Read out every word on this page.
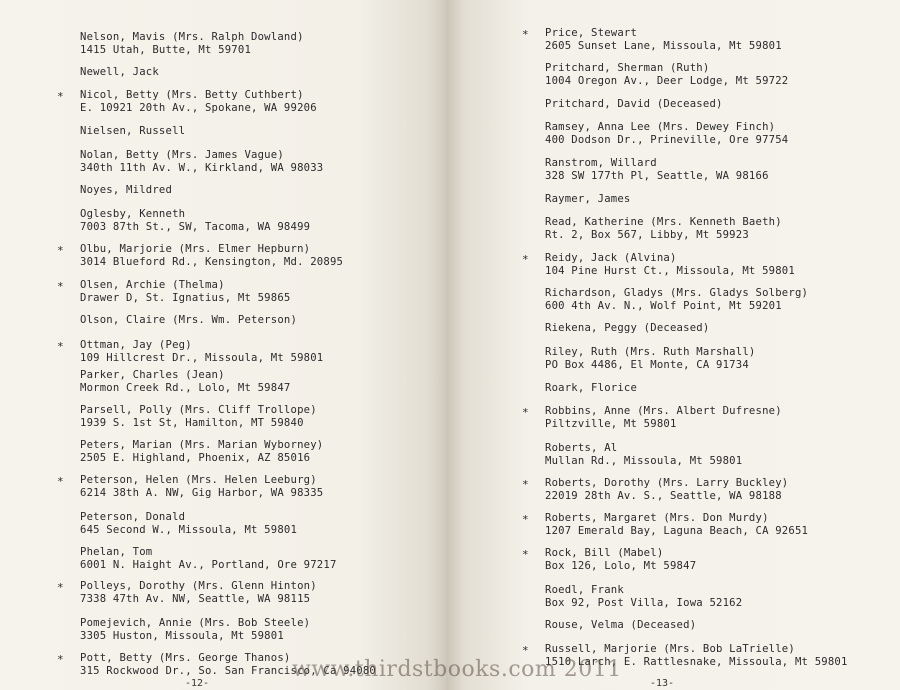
Nelson, Mavis (Mrs. Ralph Dowland)
1415 Utah, Butte, Mt 59701
Newell, Jack
* Nicol, Betty (Mrs. Betty Cuthbert)
E. 10921 20th Av., Spokane, WA 99206
Nielsen, Russell
Nolan, Betty (Mrs. James Vague)
340th 11th Av. W., Kirkland, WA 98033
Noyes, Mildred
Oglesby, Kenneth
7003 87th St., SW, Tacoma, WA 98499
* Olbu, Marjorie (Mrs. Elmer Hepburn)
3014 Blueford Rd., Kensington, Md. 20895
* Olsen, Archie (Thelma)
Drawer D, St. Ignatius, Mt 59865
Olson, Claire (Mrs. Wm. Peterson)
* Ottman, Jay (Peg)
109 Hillcrest Dr., Missoula, Mt 59801
Parker, Charles (Jean)
Mormon Creek Rd., Lolo, Mt 59847
Parsell, Polly (Mrs. Cliff Trollope)
1939 S. 1st St, Hamilton, MT 59840
Peters, Marian (Mrs. Marian Wyborney)
2505 E. Highland, Phoenix, AZ 85016
* Peterson, Helen (Mrs. Helen Leeburg)
6214 38th A. NW, Gig Harbor, WA 98335
Peterson, Donald
645 Second W., Missoula, Mt 59801
Phelan, Tom
6001 N. Haight Av., Portland, Ore 97217
* Polleys, Dorothy (Mrs. Glenn Hinton)
7338 47th Av. NW, Seattle, WA 98115
Pomejevich, Annie (Mrs. Bob Steele)
3305 Huston, Missoula, Mt 59801
* Pott, Betty (Mrs. George Thanos)
315 Rockwood Dr., So. San Francisco, Ca 94080
-12-
* Price, Stewart
2605 Sunset Lane, Missoula, Mt 59801
Pritchard, Sherman (Ruth)
1004 Oregon Av., Deer Lodge, Mt 59722
Pritchard, David (Deceased)
Ramsey, Anna Lee (Mrs. Dewey Finch)
400 Dodson Dr., Prineville, Ore 97754
Ranstrom, Willard
328 SW 177th Pl, Seattle, WA 98166
Raymer, James
Read, Katherine (Mrs. Kenneth Baeth)
Rt. 2, Box 567, Libby, Mt 59923
* Reidy, Jack (Alvina)
104 Pine Hurst Ct., Missoula, Mt 59801
Richardson, Gladys (Mrs. Gladys Solberg)
600 4th Av. N., Wolf Point, Mt 59201
Riekena, Peggy (Deceased)
Riley, Ruth (Mrs. Ruth Marshall)
PO Box 4486, El Monte, CA 91734
Roark, Florice
* Robbins, Anne (Mrs. Albert Dufresne)
Piltzville, Mt 59801
Roberts, Al
Mullan Rd., Missoula, Mt 59801
* Roberts, Dorothy (Mrs. Larry Buckley)
22019 28th Av. S., Seattle, WA 98188
* Roberts, Margaret (Mrs. Don Murdy)
1207 Emerald Bay, Laguna Beach, CA 92651
* Rock, Bill (Mabel)
Box 126, Lolo, Mt 59847
Roedl, Frank
Box 92, Post Villa, Iowa 52162
Rouse, Velma (Deceased)
* Russell, Marjorie (Mrs. Bob LaTrielle)
1510 Larch, E. Rattlesnake, Missoula, Mt 59801
-13-
www.thirdstbooks.com 2011
